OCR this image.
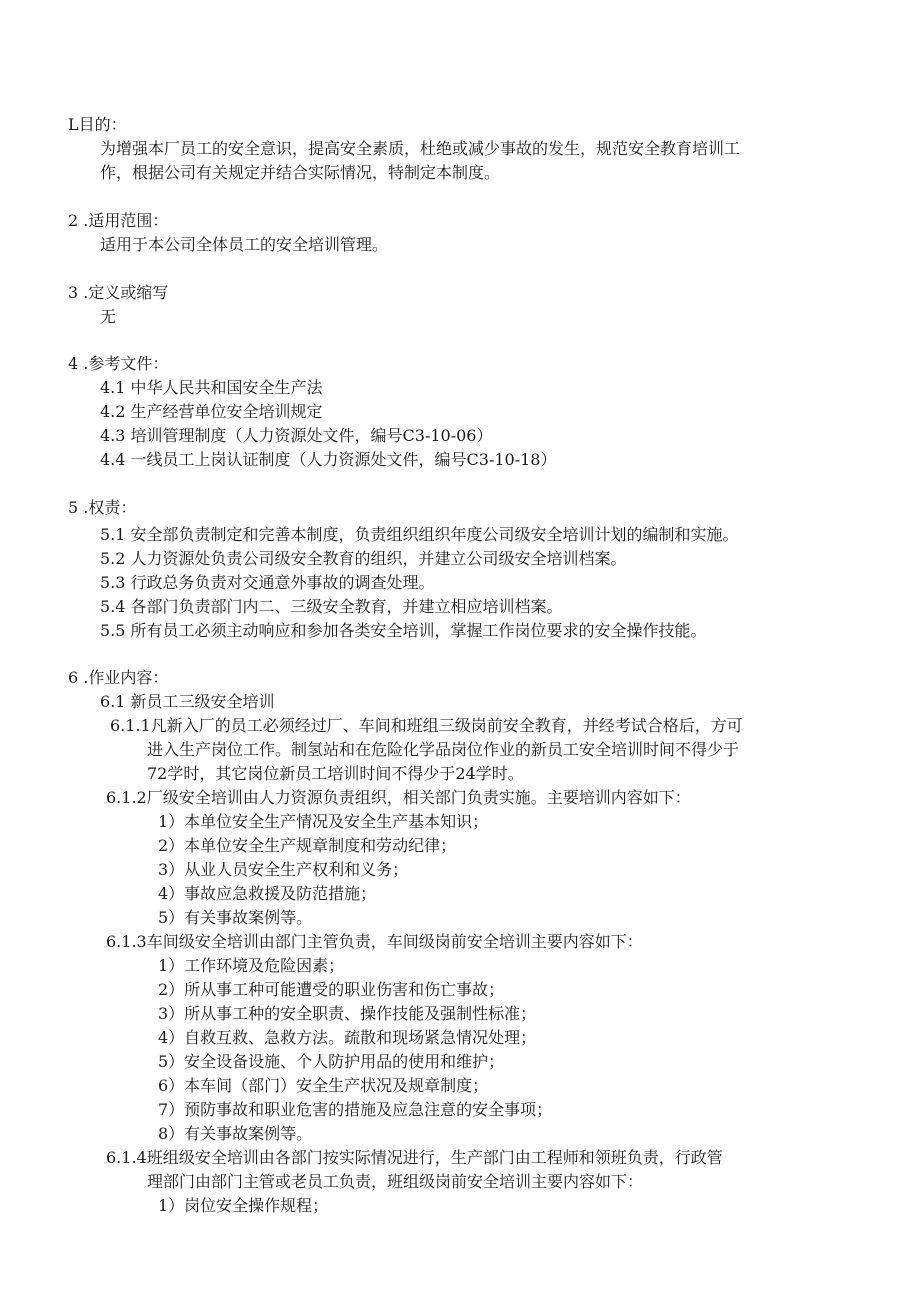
L目的：
为增强本厂员工的安全意识，提高安全素质，杜绝或减少事故的发生，规范安全教育培训工
作，根据公司有关规定并结合实际情况，特制定本制度。
2 .适用范围：
适用于本公司全体员工的安全培训管理。
3 .定义或缩写
无
4 .参考文件：
4.1 中华人民共和国安全生产法
4.2 生产经营单位安全培训规定
4.3 培训管理制度（人力资源处文件，编号C3-10-06）
4.4 一线员工上岗认证制度（人力资源处文件，编号C3-10-18）
5 .权责：
5.1 安全部负责制定和完善本制度，负责组织组织年度公司级安全培训计划的编制和实施。
5.2 人力资源处负责公司级安全教育的组织，并建立公司级安全培训档案。
5.3 行政总务负责对交通意外事故的调查处理。
5.4 各部门负责部门内二、三级安全教育，并建立相应培训档案。
5.5 所有员工必须主动响应和参加各类安全培训，掌握工作岗位要求的安全操作技能。
6 .作业内容：
6.1 新员工三级安全培训
6.1.1凡新入厂的员工必须经过厂、车间和班组三级岗前安全教育，并经考试合格后，方可
进入生产岗位工作。制氢站和在危险化学品岗位作业的新员工安全培训时间不得少于
72学时，其它岗位新员工培训时间不得少于24学时。
6.1.2厂级安全培训由人力资源负责组织，相关部门负责实施。主要培训内容如下：
1）本单位安全生产情况及安全生产基本知识；
2）本单位安全生产规章制度和劳动纪律；
3）从业人员安全生产权利和义务；
4）事故应急救援及防范措施；
5）有关事故案例等。
6.1.3车间级安全培训由部门主管负责，车间级岗前安全培训主要内容如下：
1）工作环境及危险因素；
2）所从事工种可能遭受的职业伤害和伤亡事故；
3）所从事工种的安全职责、操作技能及强制性标准；
4）自救互救、急救方法。疏散和现场紧急情况处理；
5）安全设备设施、个人防护用品的使用和维护；
6）本车间（部门）安全生产状况及规章制度；
7）预防事故和职业危害的措施及应急注意的安全事项；
8）有关事故案例等。
6.1.4班组级安全培训由各部门按实际情况进行，生产部门由工程师和领班负责，行政管
理部门由部门主管或老员工负责，班组级岗前安全培训主要内容如下：
1）岗位安全操作规程；
